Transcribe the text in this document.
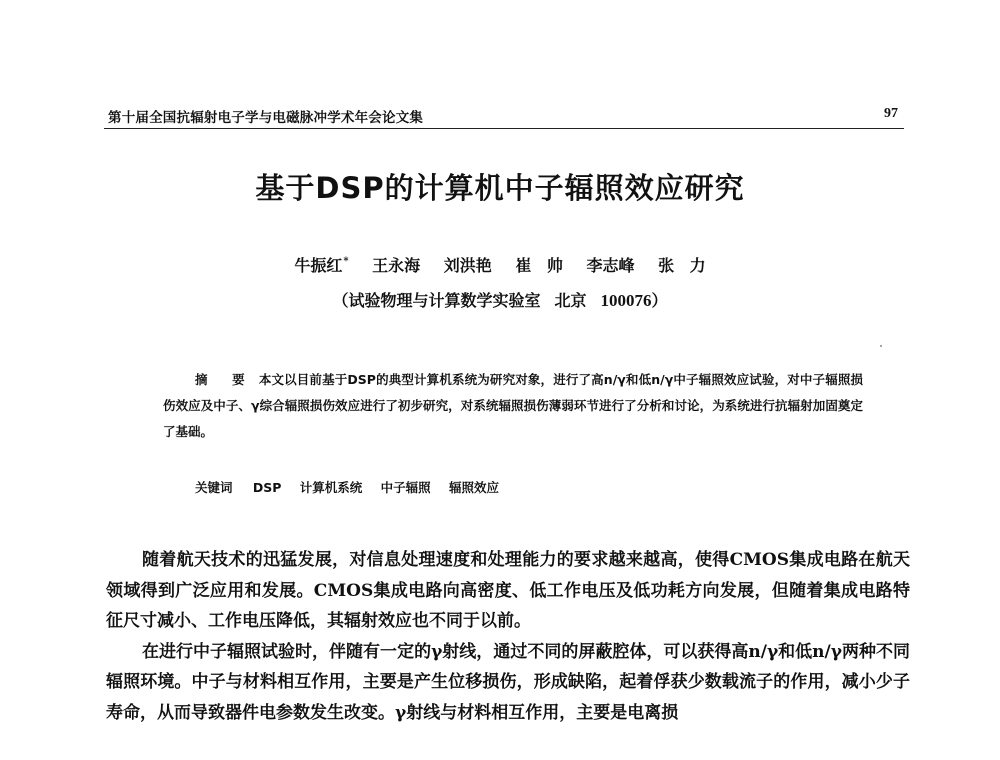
第十届全国抗辐射电子学与电磁脉冲学术年会论文集	97
基于DSP的计算机中子辐照效应研究
牛振红* 王永海 刘洪艳 崔 帅 李志峰 张 力
（试验物理与计算数学实验室 北京 100076）
摘 要 本文以目前基于DSP的典型计算机系统为研究对象，进行了高n/γ和低n/γ中子辐照效应试验，对中子辐照损伤效应及中子、γ综合辐照损伤效应进行了初步研究，对系统辐照损伤薄弱环节进行了分析和讨论，为系统进行抗辐射加固奠定了基础。
关键词 DSP 计算机系统 中子辐照 辐照效应

随着航天技术的迅猛发展，对信息处理速度和处理能力的要求越来越高，使得CMOS集成电路在航天领域得到广泛应用和发展。CMOS集成电路向高密度、低工作电压及低功耗方向发展，但随着集成电路特征尺寸减小、工作电压降低，其辐射效应也不同于以前。

在进行中子辐照试验时，伴随有一定的γ射线，通过不同的屏蔽腔体，可以获得高n/γ和低n/γ两种不同辐照环境。中子与材料相互作用，主要是产生位移损伤，形成缺陷，起着俘获少数载流子的作用，减小少子寿命，从而导致器件电参数发生改变。γ射线与材料相互作用，主要是电离损
